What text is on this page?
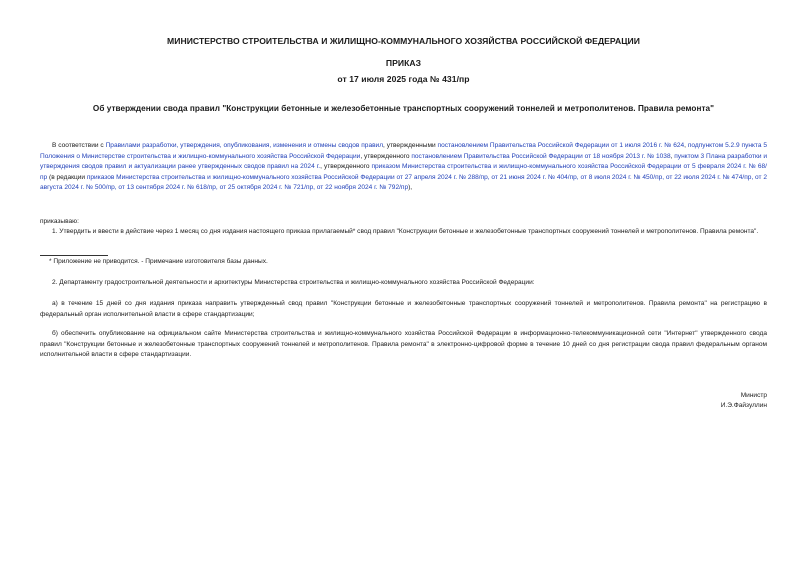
МИНИСТЕРСТВО СТРОИТЕЛЬСТВА И ЖИЛИЩНО-КОММУНАЛЬНОГО ХОЗЯЙСТВА РОССИЙСКОЙ ФЕДЕРАЦИИ
ПРИКАЗ
от 17 июля 2025 года № 431/пр
Об утверждении свода правил "Конструкции бетонные и железобетонные транспортных сооружений тоннелей и метрополитенов. Правила ремонта"
В соответствии с Правилами разработки, утверждения, опубликования, изменения и отмены сводов правил, утвержденными постановлением Правительства Российской Федерации от 1 июля 2016 г. № 624, подпунктом 5.2.9 пункта 5 Положения о Министерстве строительства и жилищно-коммунального хозяйства Российской Федерации, утвержденного постановлением Правительства Российской Федерации от 18 ноября 2013 г. № 1038, пунктом 3 Плана разработки и утверждения сводов правил и актуализации ранее утвержденных сводов правил на 2024 г., утвержденного приказом Министерства строительства и жилищно-коммунального хозяйства Российской Федерации от 5 февраля 2024 г. № 68/пр (в редакции приказов Министерства строительства и жилищно-коммунального хозяйства Российской Федерации от 27 апреля 2024 г. № 288/пр, от 21 июня 2024 г. № 404/пр, от 8 июля 2024 г. № 450/пр, от 22 июля 2024 г. № 474/пр, от 2 августа 2024 г. № 500/пр, от 13 сентября 2024 г. № 618/пр, от 25 октября 2024 г. № 721/пр, от 22 ноября 2024 г. № 792/пр),
приказываю:
1. Утвердить и ввести в действие через 1 месяц со дня издания настоящего приказа прилагаемый* свод правил "Конструкции бетонные и железобетонные транспортных сооружений тоннелей и метрополитенов. Правила ремонта".
* Приложение не приводится. - Примечание изготовителя базы данных.
2. Департаменту градостроительной деятельности и архитектуры Министерства строительства и жилищно-коммунального хозяйства Российской Федерации:
а) в течение 15 дней со дня издания приказа направить утвержденный свод правил "Конструкции бетонные и железобетонные транспортных сооружений тоннелей и метрополитенов. Правила ремонта" на регистрацию в федеральный орган исполнительной власти в сфере стандартизации;
б) обеспечить опубликование на официальном сайте Министерства строительства и жилищно-коммунального хозяйства Российской Федерации в информационно-телекоммуникационной сети "Интернет" утвержденного свода правил "Конструкции бетонные и железобетонные транспортных сооружений тоннелей и метрополитенов. Правила ремонта" в электронно-цифровой форме в течение 10 дней со дня регистрации свода правил федеральным органом исполнительной власти в сфере стандартизации.
Министр
И.Э.Файзуллин
